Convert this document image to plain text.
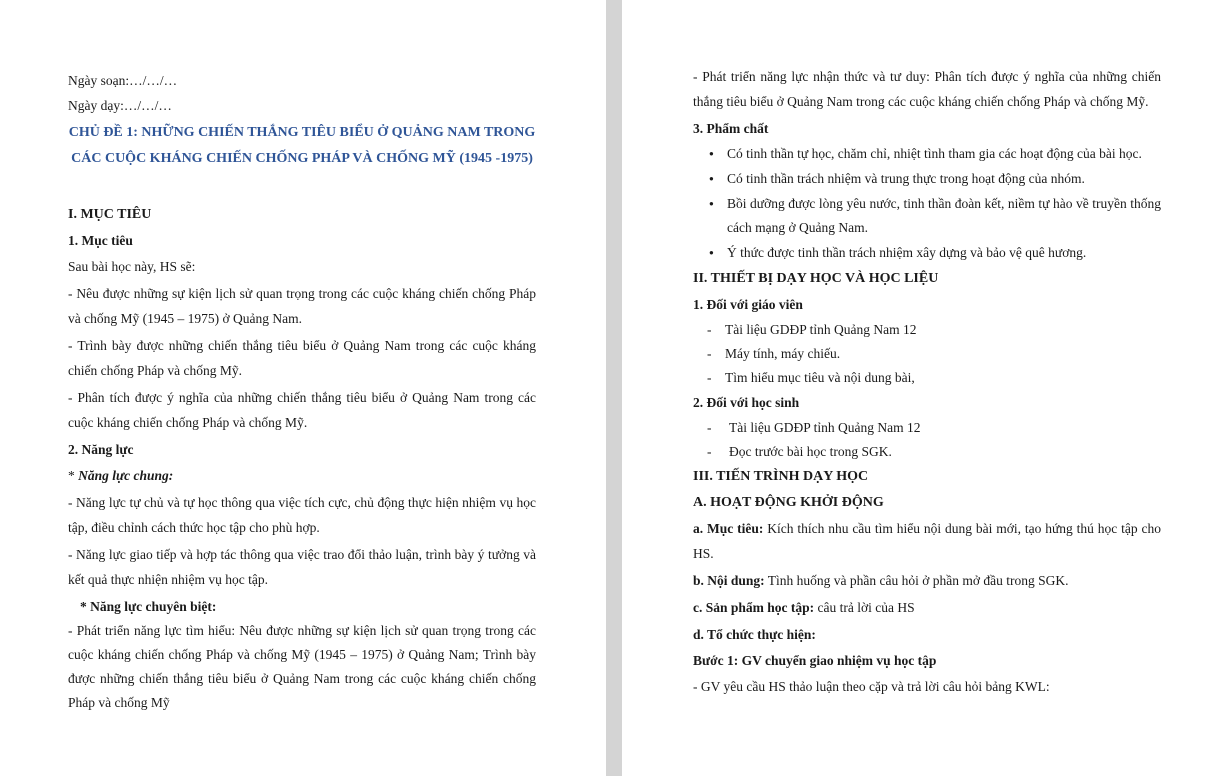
Ngày soạn:…/…/…

Ngày dạy:…/…/…

CHỦ ĐỀ 1: NHỮNG CHIẾN THẮNG TIÊU BIỂU Ở QUẢNG NAM TRONG

CÁC CUỘC KHÁNG CHIẾN CHỐNG PHÁP VÀ CHỐNG MỸ (1945 -1975)

I. MỤC TIÊU

1. Mục tiêu

Sau bài học này, HS sẽ:

- Nêu được những sự kiện lịch sử quan trọng trong các cuộc kháng chiến chống Pháp và chống Mỹ (1945 – 1975) ở Quảng Nam.

- Trình bày được những chiến thắng tiêu biểu ở Quảng Nam trong các cuộc kháng chiến chống Pháp và chống Mỹ.

- Phân tích được ý nghĩa của những chiến thắng tiêu biểu ở Quảng Nam trong các cuộc kháng chiến chống Pháp và chống Mỹ.

2. Năng lực

* Năng lực chung:

- Năng lực tự chủ và tự học thông qua việc tích cực, chủ động thực hiện nhiệm vụ học tập, điều chỉnh cách thức học tập cho phù hợp.

- Năng lực giao tiếp và hợp tác thông qua việc trao đổi thảo luận, trình bày ý tưởng và kết quả thực nhiện nhiệm vụ học tập.

* Năng lực chuyên biệt:

- Phát triển năng lực tìm hiểu: Nêu được những sự kiện lịch sử quan trọng trong các cuộc kháng chiến chống Pháp và chống Mỹ (1945 – 1975) ở Quảng Nam; Trình bày được những chiến thắng tiêu biểu ở Quảng Nam trong các cuộc kháng chiến chống Pháp và chống Mỹ

- Phát triển năng lực nhận thức và tư duy: Phân tích được ý nghĩa của những chiến thắng tiêu biểu ở Quảng Nam trong các cuộc kháng chiến chống Pháp và chống Mỹ.

3. Phẩm chất

● Có tinh thần tự học, chăm chỉ, nhiệt tình tham gia các hoạt động của bài học.
● Có tinh thần trách nhiệm và trung thực trong hoạt động của nhóm.
● Bồi dưỡng được lòng yêu nước, tinh thần đoàn kết, niềm tự hào về truyền thống cách mạng ở Quảng Nam.
● Ý thức được tinh thần trách nhiệm xây dựng và bảo vệ quê hương.

II. THIẾT BỊ DẠY HỌC VÀ HỌC LIỆU

1. Đối với giáo viên

- Tài liệu GDĐP tỉnh Quảng Nam 12
- Máy tính, máy chiếu.
- Tìm hiểu mục tiêu và nội dung bài,

2. Đối với học sinh

- Tài liệu GDĐP tỉnh Quảng Nam 12
- Đọc trước bài học trong SGK.

III. TIẾN TRÌNH DẠY HỌC

A. HOẠT ĐỘNG KHỞI ĐỘNG

a. Mục tiêu: Kích thích nhu cầu tìm hiểu nội dung bài mới, tạo hứng thú học tập cho HS.

b. Nội dung: Tình huống và phần câu hỏi ở phần mở đầu trong SGK.

c. Sản phẩm học tập: câu trả lời của HS

d. Tổ chức thực hiện:

Bước 1: GV chuyển giao nhiệm vụ học tập

- GV yêu cầu HS thảo luận theo cặp và trả lời câu hỏi bảng KWL:
